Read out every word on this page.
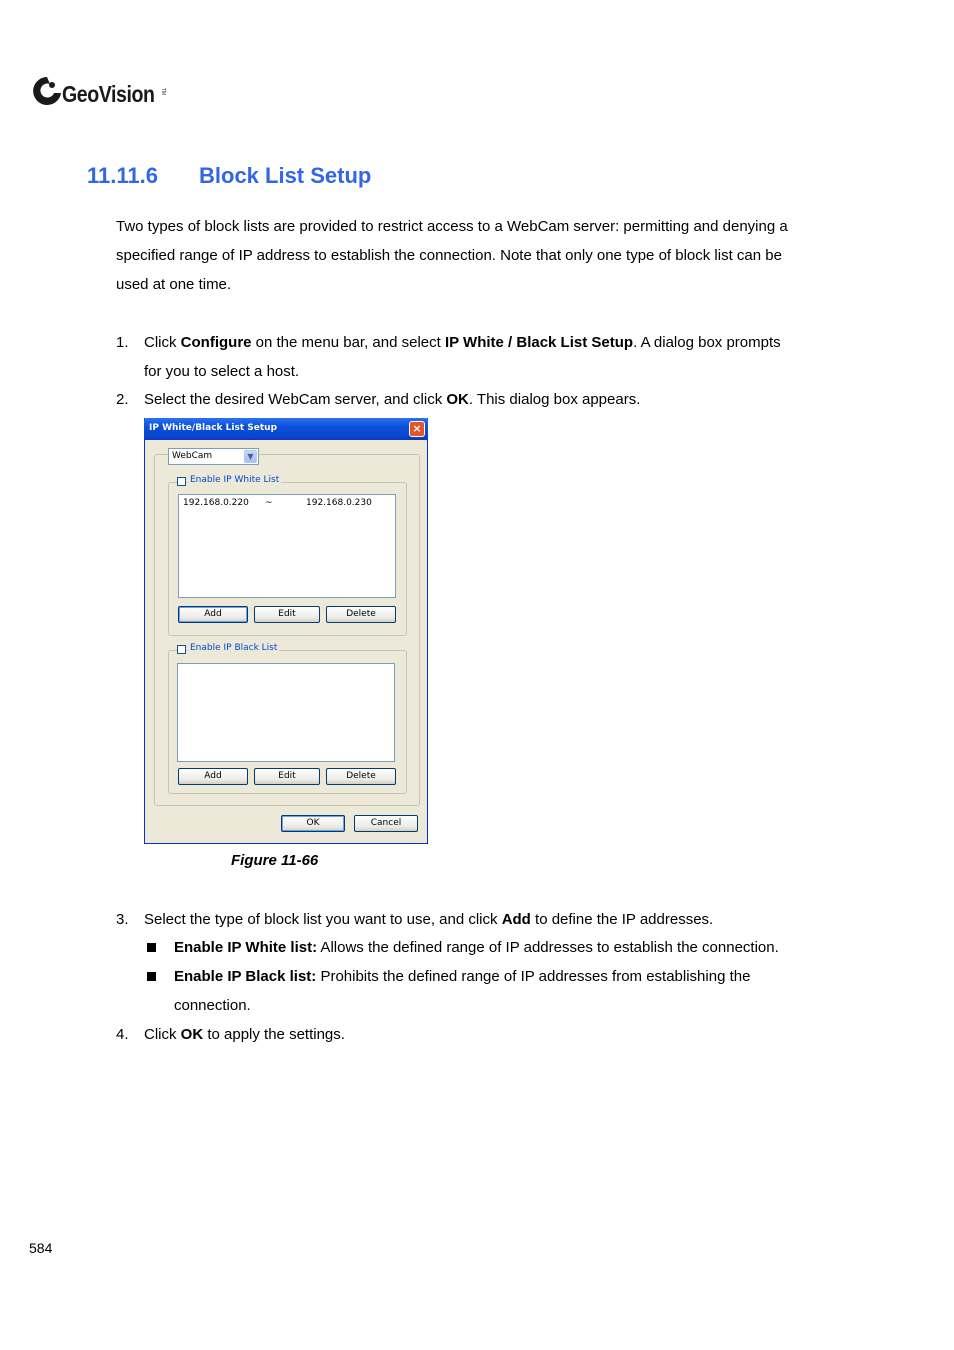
GeoVision TM
11.11.6 Block List Setup
Two types of block lists are provided to restrict access to a WebCam server: permitting and denying a
specified range of IP address to establish the connection. Note that only one type of block list can be
used at one time.
1. Click Configure on the menu bar, and select IP White / Black List Setup. A dialog box prompts
for you to select a host.
2. Select the desired WebCam server, and click OK. This dialog box appears.
IP White/Black List Setup	×
WebCam	▼
Enable IP White List
192.168.0.220 ~	192.168.0.230
Add	Edit	Delete
Enable IP Black List
Add	Edit	Delete
OK	Cancel
Figure 11-66
3. Select the type of block list you want to use, and click Add to define the IP addresses.
Enable IP White list: Allows the defined range of IP addresses to establish the connection.
Enable IP Black list: Prohibits the defined range of IP addresses from establishing the
connection.
4. Click OK to apply the settings.
584
